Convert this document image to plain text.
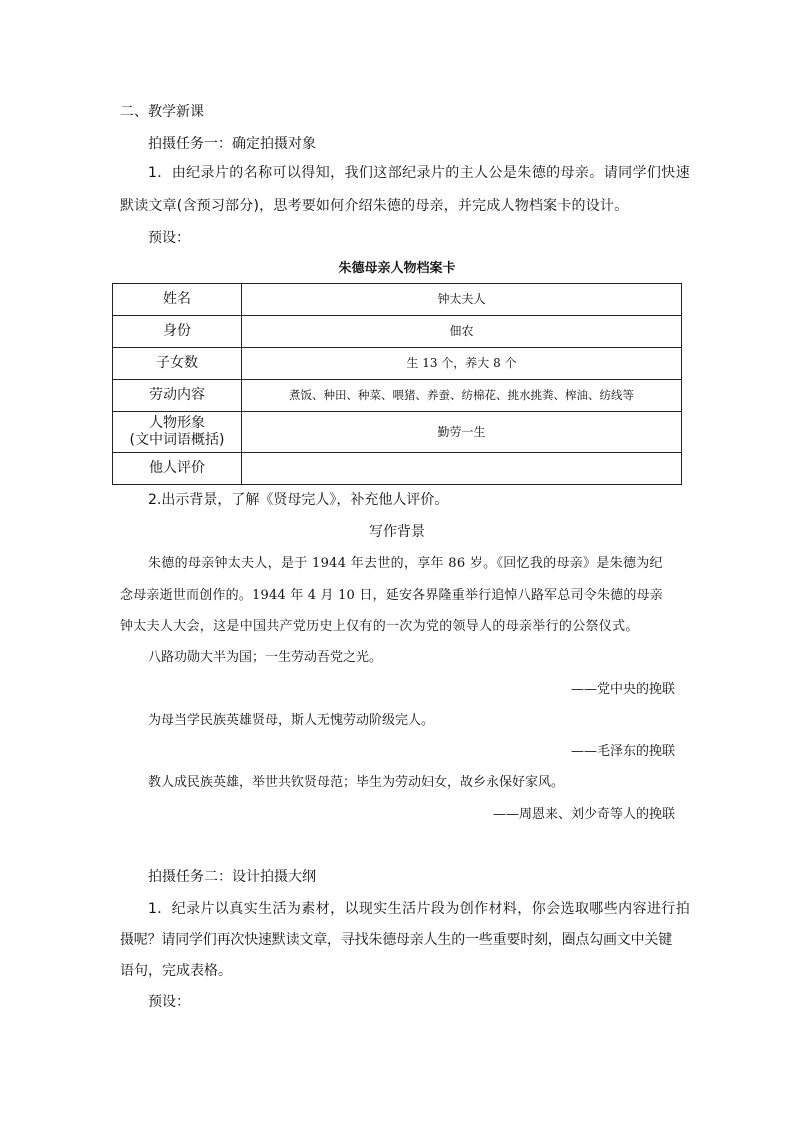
二、教学新课
拍摄任务一：确定拍摄对象
1．由纪录片的名称可以得知，我们这部纪录片的主人公是朱德的母亲。请同学们快速
默读文章(含预习部分)，思考要如何介绍朱德的母亲，并完成人物档案卡的设计。
预设：
朱德母亲人物档案卡
姓名	钟太夫人
身份	佃农
子女数	生 13 个，养大 8 个
劳动内容	煮饭、种田、种菜、喂猪、养蚕、纺棉花、挑水挑粪、榨油、纺线等
人物形象
(文中词语概括)	勤劳一生
他人评价	
2.出示背景，了解《贤母完人》，补充他人评价。
写作背景
朱德的母亲钟太夫人，是于 1944 年去世的，享年 86 岁。《回忆我的母亲》是朱德为纪
念母亲逝世而创作的。1944 年 4 月 10 日，延安各界隆重举行追悼八路军总司令朱德的母亲
钟太夫人大会，这是中国共产党历史上仅有的一次为党的领导人的母亲举行的公祭仪式。
八路功勋大半为国；一生劳动吾党之光。
——党中央的挽联
为母当学民族英雄贤母，斯人无愧劳动阶级完人。
——毛泽东的挽联
教人成民族英雄，举世共钦贤母范；毕生为劳动妇女，故乡永保好家风。
——周恩来、刘少奇等人的挽联
拍摄任务二：设计拍摄大纲
1．纪录片以真实生活为素材，以现实生活片段为创作材料，你会选取哪些内容进行拍
摄呢？请同学们再次快速默读文章，寻找朱德母亲人生的一些重要时刻，圈点勾画文中关键
语句，完成表格。
预设：
